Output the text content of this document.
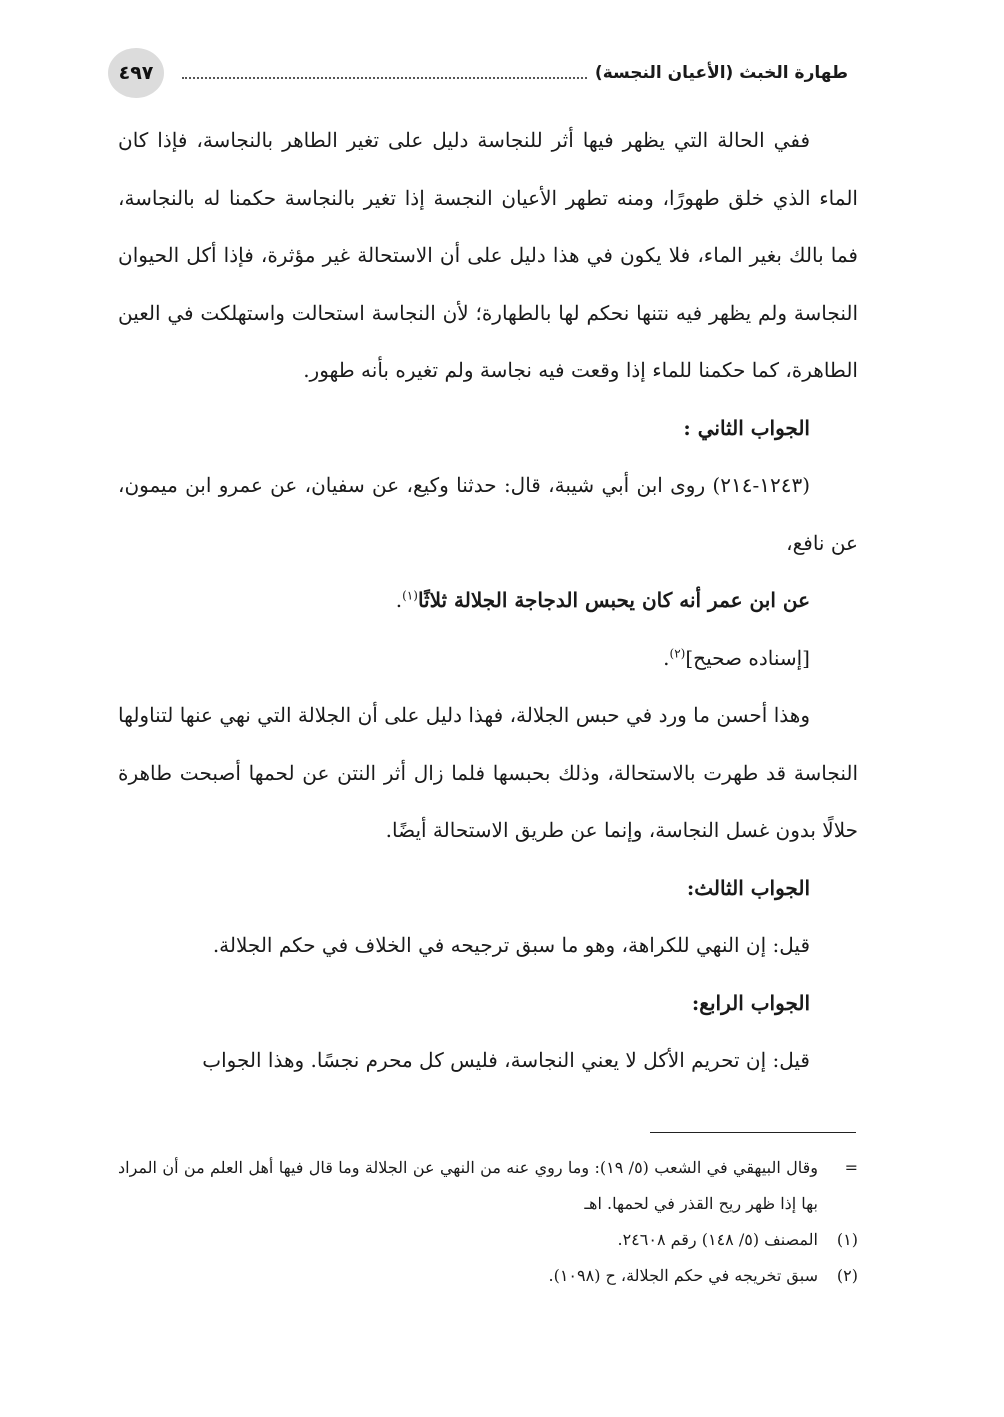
٤٩٧	طهارة الخبث (الأعيان النجسة)

ففي الحالة التي يظهر فيها أثر للنجاسة دليل على تغير الطاهر بالنجاسة، فإذا كان الماء الذي خلق طهورًا، ومنه تطهر الأعيان النجسة إذا تغير بالنجاسة حكمنا له بالنجاسة، فما بالك بغير الماء، فلا يكون في هذا دليل على أن الاستحالة غير مؤثرة، فإذا أكل الحيوان النجاسة ولم يظهر فيه نتنها نحكم لها بالطهارة؛ لأن النجاسة استحالت واستهلكت في العين الطاهرة، كما حكمنا للماء إذا وقعت فيه نجاسة ولم تغيره بأنه طهور.

الجواب الثاني :

(١٢٤٣-٢١٤) روى ابن أبي شيبة، قال: حدثنا وكيع، عن سفيان، عن عمرو ابن ميمون، عن نافع،

عن ابن عمر أنه كان يحبس الدجاجة الجلالة ثلاثًا$^{(١)}$.

[إسناده صحيح]$^{(٢)}$.

وهذا أحسن ما ورد في حبس الجلالة، فهذا دليل على أن الجلالة التي نهي عنها لتناولها النجاسة قد طهرت بالاستحالة، وذلك بحبسها فلما زال أثر النتن عن لحمها أصبحت طاهرة حلالًا بدون غسل النجاسة، وإنما عن طريق الاستحالة أيضًا.

الجواب الثالث:

قيل: إن النهي للكراهة، وهو ما سبق ترجيحه في الخلاف في حكم الجلالة.

الجواب الرابع:

قيل: إن تحريم الأكل لا يعني النجاسة، فليس كل محرم نجسًا. وهذا الجواب

=
وقال البيهقي في الشعب (٥/ ١٩): وما روي عنه من النهي عن الجلالة وما قال فيها أهل العلم من أن المراد بها إذا ظهر ريح القذر في لحمها. اهـ
(١)
المصنف (٥/ ١٤٨) رقم ٢٤٦٠٨.
(٢)
سبق تخريجه في حكم الجلالة، ح (١٠٩٨).
